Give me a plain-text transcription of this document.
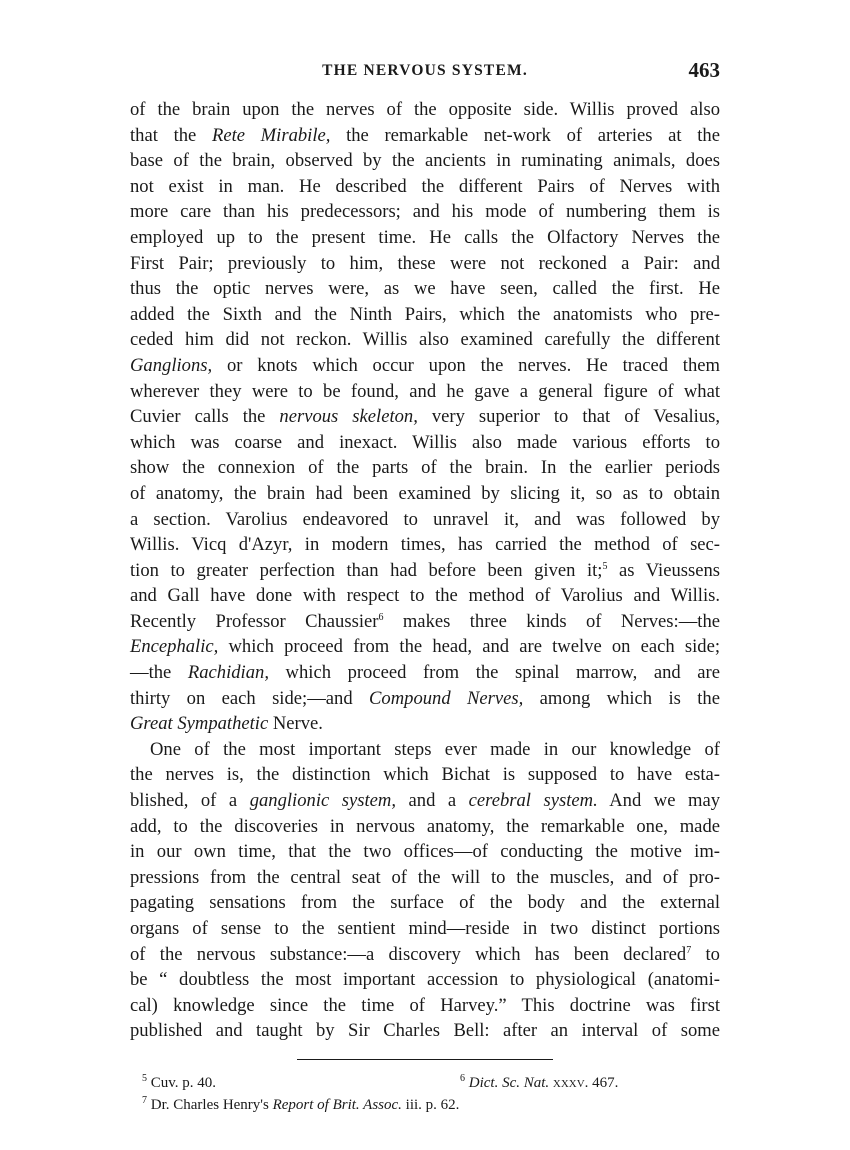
THE NERVOUS SYSTEM.	463
of the brain upon the nerves of the opposite side. Willis proved also
that the Rete Mirabile, the remarkable net-work of arteries at the
base of the brain, observed by the ancients in ruminating animals, does
not exist in man. He described the different Pairs of Nerves with
more care than his predecessors; and his mode of numbering them is
employed up to the present time. He calls the Olfactory Nerves the
First Pair; previously to him, these were not reckoned a Pair: and
thus the optic nerves were, as we have seen, called the first. He
added the Sixth and the Ninth Pairs, which the anatomists who pre-
ceded him did not reckon. Willis also examined carefully the different
Ganglions, or knots which occur upon the nerves. He traced them
wherever they were to be found, and he gave a general figure of what
Cuvier calls the nervous skeleton, very superior to that of Vesalius,
which was coarse and inexact. Willis also made various efforts to
show the connexion of the parts of the brain. In the earlier periods
of anatomy, the brain had been examined by slicing it, so as to obtain
a section. Varolius endeavored to unravel it, and was followed by
Willis. Vicq d'Azyr, in modern times, has carried the method of sec-
tion to greater perfection than had before been given it;$^5$ as Vieussens
and Gall have done with respect to the method of Varolius and Willis.
Recently Professor Chaussier$^6$ makes three kinds of Nerves:—the
Encephalic, which proceed from the head, and are twelve on each side;
—the Rachidian, which proceed from the spinal marrow, and are
thirty on each side;—and Compound Nerves, among which is the
Great Sympathetic Nerve.
One of the most important steps ever made in our knowledge of
the nerves is, the distinction which Bichat is supposed to have esta-
blished, of a ganglionic system, and a cerebral system. And we may
add, to the discoveries in nervous anatomy, the remarkable one, made
in our own time, that the two offices—of conducting the motive im-
pressions from the central seat of the will to the muscles, and of pro-
pagating sensations from the surface of the body and the external
organs of sense to the sentient mind—reside in two distinct portions
of the nervous substance:—a discovery which has been declared$^7$ to
be “ doubtless the most important accession to physiological (anatomi-
cal) knowledge since the time of Harvey.” This doctrine was first
published and taught by Sir Charles Bell: after an interval of some
$^5$ Cuv. p. 40.	$^6$ Dict. Sc. Nat. xxxv. 467.
$^7$ Dr. Charles Henry's Report of Brit. Assoc. iii. p. 62.
